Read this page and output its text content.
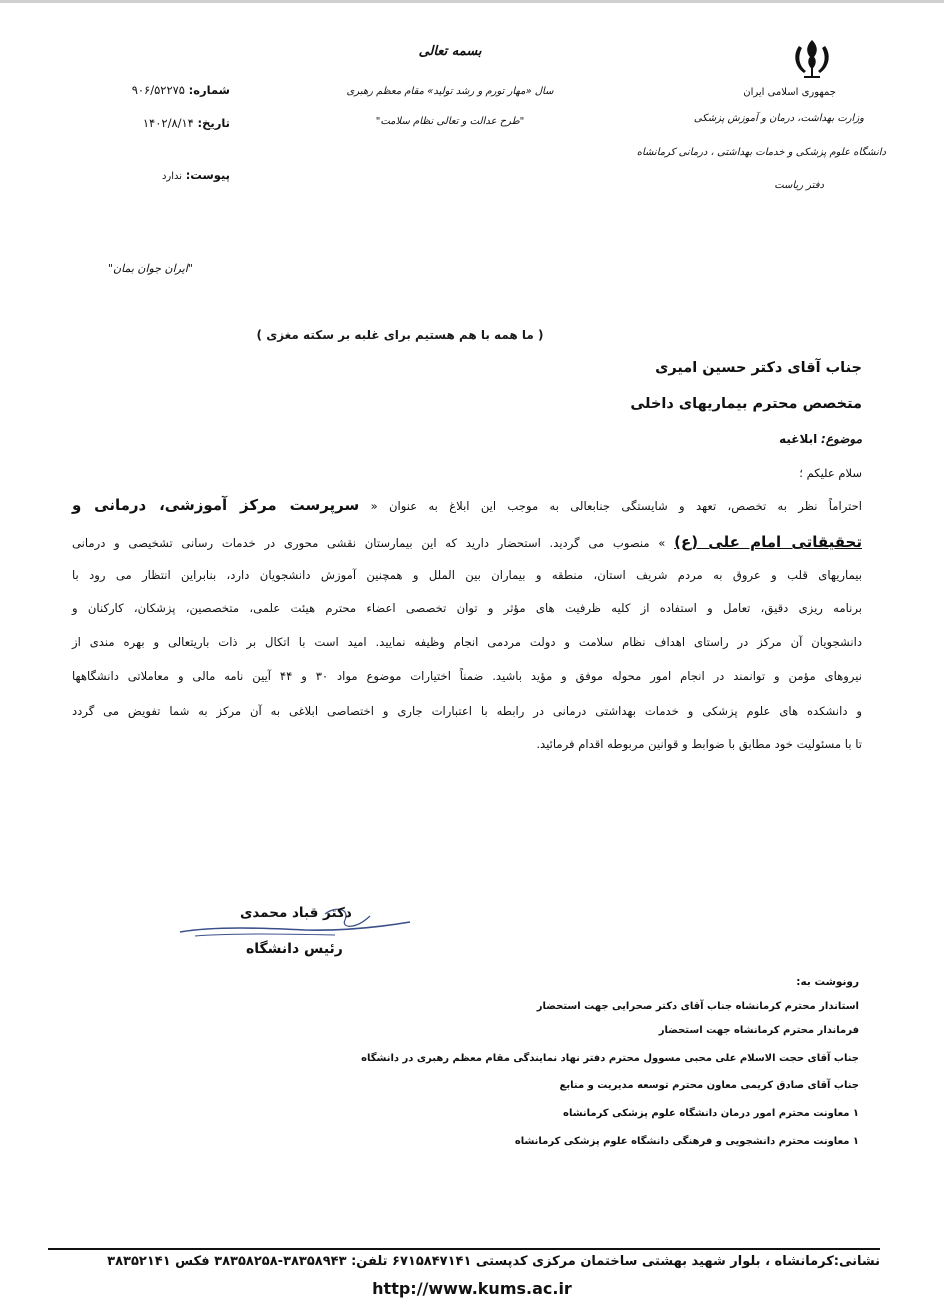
جمهوری اسلامی ایران
وزارت بهداشت، درمان و آموزش پزشکی
دانشگاه علوم پزشکی و خدمات بهداشتی ، درمانی کرمانشاه
دفتر ریاست
بسمه تعالی
سال «مهار تورم و رشد تولید» مقام معظم رهبری
"طرح عدالت و تعالی نظام سلامت"
شماره: ۹۰۶/۵۲۲۷۵
تاریخ: ۱۴۰۲/۸/۱۴
پیوست: ندارد
"ایران جوان بمان"
( ما همه با هم هستیم برای غلبه بر سکته مغزی )
جناب آقای دکتر حسین امیری
متخصص محترم بیماریهای داخلی
موضوع: ابلاغیه
سلام علیکم ؛
احتراماً نظر به تخصص، تعهد و شایستگی جنابعالی به موجب این ابلاغ به عنوان « سرپرست مرکز آموزشی، درمانی و
تحقیقاتی امام علی (ع) » منصوب می گردید. استحضار دارید که این بیمارستان نقشی محوری در خدمات رسانی تشخیصی و درمانی
بیماریهای قلب و عروق به مردم شریف استان، منطقه و بیماران بین الملل و همچنین آموزش دانشجویان دارد، بنابراین انتظار می رود با
برنامه ریزی دقیق، تعامل و استفاده از کلیه ظرفیت های مؤثر و توان تخصصی اعضاء محترم هیئت علمی، متخصصین، پزشکان، کارکنان و
دانشجویان آن مرکز در راستای اهداف نظام سلامت و دولت مردمی انجام وظیفه نمایید. امید است با اتکال بر ذات باریتعالی و بهره مندی از
نیروهای مؤمن و توانمند در انجام امور محوله موفق و مؤید باشید. ضمناً اختیارات موضوع مواد ۳۰ و ۴۴ آیین نامه مالی و معاملاتی دانشگاهها
و دانشکده های علوم پزشکی و خدمات بهداشتی درمانی در رابطه با اعتبارات جاری و اختصاصی ابلاغی به آن مرکز به شما تفویض می گردد
تا با مسئولیت خود مطابق با ضوابط و قوانین مربوطه اقدام فرمائید.
دکتر قباد محمدی
رئیس دانشگاه
رونوشت به:
استاندار محترم کرمانشاه جناب آقای دکتر صحرایی جهت استحضار
فرماندار محترم کرمانشاه جهت استحضار
جناب آقای حجت الاسلام علی محبی مسوول محترم دفتر نهاد نمایندگی مقام معظم رهبری در دانشگاه
جناب آقای صادق کریمی معاون محترم توسعه مدیریت و منابع
۱ معاونت محترم امور درمان دانشگاه علوم پزشکی کرمانشاه
۱ معاونت محترم دانشجویی و فرهنگی دانشگاه علوم پزشکی کرمانشاه
نشانی:کرمانشاه ، بلوار شهید بهشتی ساختمان مرکزی کدپستی ۶۷۱۵۸۴۷۱۴۱ تلفن: ۳۸۳۵۸۹۴۳-۳۸۳۵۸۲۵۸ فکس ۳۸۳۵۲۱۴۱
http://www.kums.ac.ir
